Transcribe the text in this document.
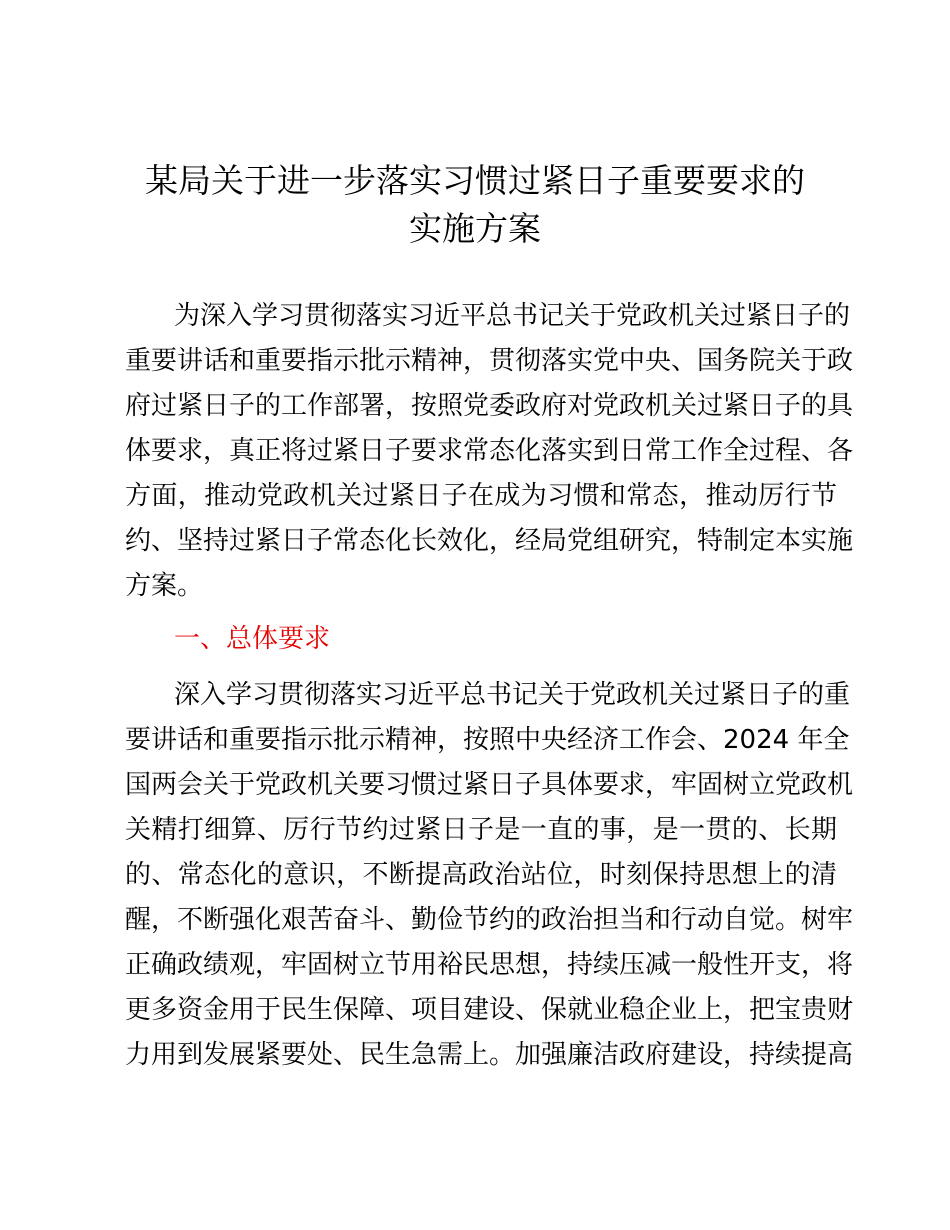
某局关于进一步落实习惯过紧日子重要要求的
实施方案
为深入学习贯彻落实习近平总书记关于党政机关过紧日子的
重要讲话和重要指示批示精神，贯彻落实党中央、国务院关于政
府过紧日子的工作部署，按照党委政府对党政机关过紧日子的具
体要求，真正将过紧日子要求常态化落实到日常工作全过程、各
方面，推动党政机关过紧日子在成为习惯和常态，推动厉行节
约、坚持过紧日子常态化长效化，经局党组研究，特制定本实施
方案。
一、总体要求
深入学习贯彻落实习近平总书记关于党政机关过紧日子的重
要讲话和重要指示批示精神，按照中央经济工作会、2024 年全
国两会关于党政机关要习惯过紧日子具体要求，牢固树立党政机
关精打细算、厉行节约过紧日子是一直的事，是一贯的、长期
的、常态化的意识，不断提高政治站位，时刻保持思想上的清
醒，不断强化艰苦奋斗、勤俭节约的政治担当和行动自觉。树牢
正确政绩观，牢固树立节用裕民思想，持续压减一般性开支，将
更多资金用于民生保障、项目建设、保就业稳企业上，把宝贵财
力用到发展紧要处、民生急需上。加强廉洁政府建设，持续提高
